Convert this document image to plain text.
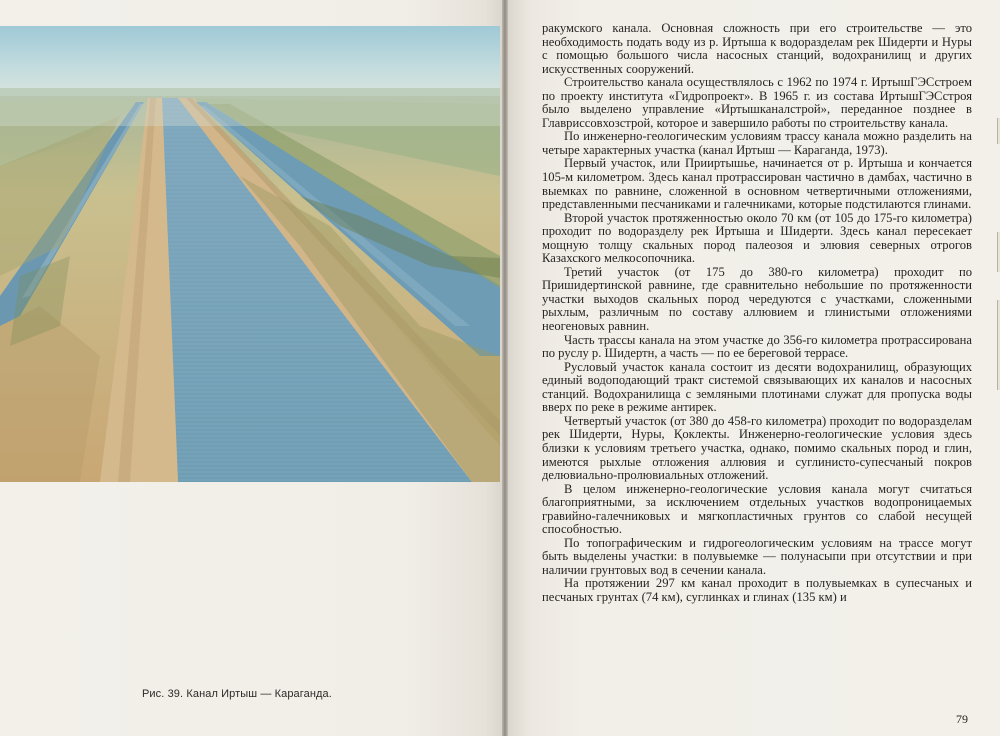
Рис. 39. Канал Иртыш — Караганда.

ракумского канала. Основная сложность при его строительстве — это необходимость подать воду из р. Иртыша к водоразделам рек Шидерти и Нуры с помощью большого числа насосных станций, водохранилищ и других искусственных сооружений.

Строительство канала осуществлялось с 1962 по 1974 г. ИртышГЭСстроем по проекту института «Гидропроект». В 1965 г. из состава ИртышГЭСстроя было выделено управление «Иртышканалстрой», переданное позднее в Главриссовхозстрой, которое и завершило работы по строительству канала.

По инженерно-геологическим условиям трассу канала можно разделить на четыре характерных участка (канал Иртыш — Караганда, 1973).

Первый участок, или Прииртышье, начинается от р. Иртыша и кончается 105-м километром. Здесь канал протрассирован частично в дамбах, частично в выемках по равнине, сложенной в основном четвертичными отложениями, представленными песчаниками и галечниками, которые подстилаются глинами.

Второй участок протяженностью около 70 км (от 105 до 175-го километра) проходит по водоразделу рек Иртыша и Шидерти. Здесь канал пересекает мощную толщу скальных пород палеозоя и элювия северных отрогов Казахского мелкосопочника.

Третий участок (от 175 до 380-го километра) проходит по Пришидертинской равнине, где сравнительно небольшие по протяженности участки выходов скальных пород чередуются с участками, сложенными рыхлым, различным по составу аллювием и глинистыми отложениями неогеновых равнин.

Часть трассы канала на этом участке до 356-го километра протрассирована по руслу р. Шидертн, а часть — по ее береговой террасе.

Русловый участок канала состоит из десяти водохранилищ, образующих единый водоподающий тракт системой связывающих их каналов и насосных станций. Водохранилища с земляными плотинами служат для пропуска воды вверх по реке в режиме антирек.

Четвертый участок (от 380 до 458-го километра) проходит по водоразделам рек Шидерти, Нуры, Қоклекты. Инженерно-геологические условия здесь близки к условиям третьего участка, однако, помимо скальных пород и глин, имеются рыхлые отложения аллювия и суглинисто-супесчаный покров делювиально-пролювиальных отложений.

В целом инженерно-геологические условия канала могут считаться благоприятными, за исключением отдельных участков водопроницаемых гравийно-галечниковых и мягкопластичных грунтов со слабой несущей способностью.

По топографическим и гидрогеологическим условиям на трассе могут быть выделены участки: в полувыемке — полунасыпи при отсутствии и при наличии грунтовых вод в сечении канала.

На протяжении 297 км канал проходит в полувыемках в супесчаных и песчаных грунтах (74 км), суглинках и глинах (135 км) и

79
